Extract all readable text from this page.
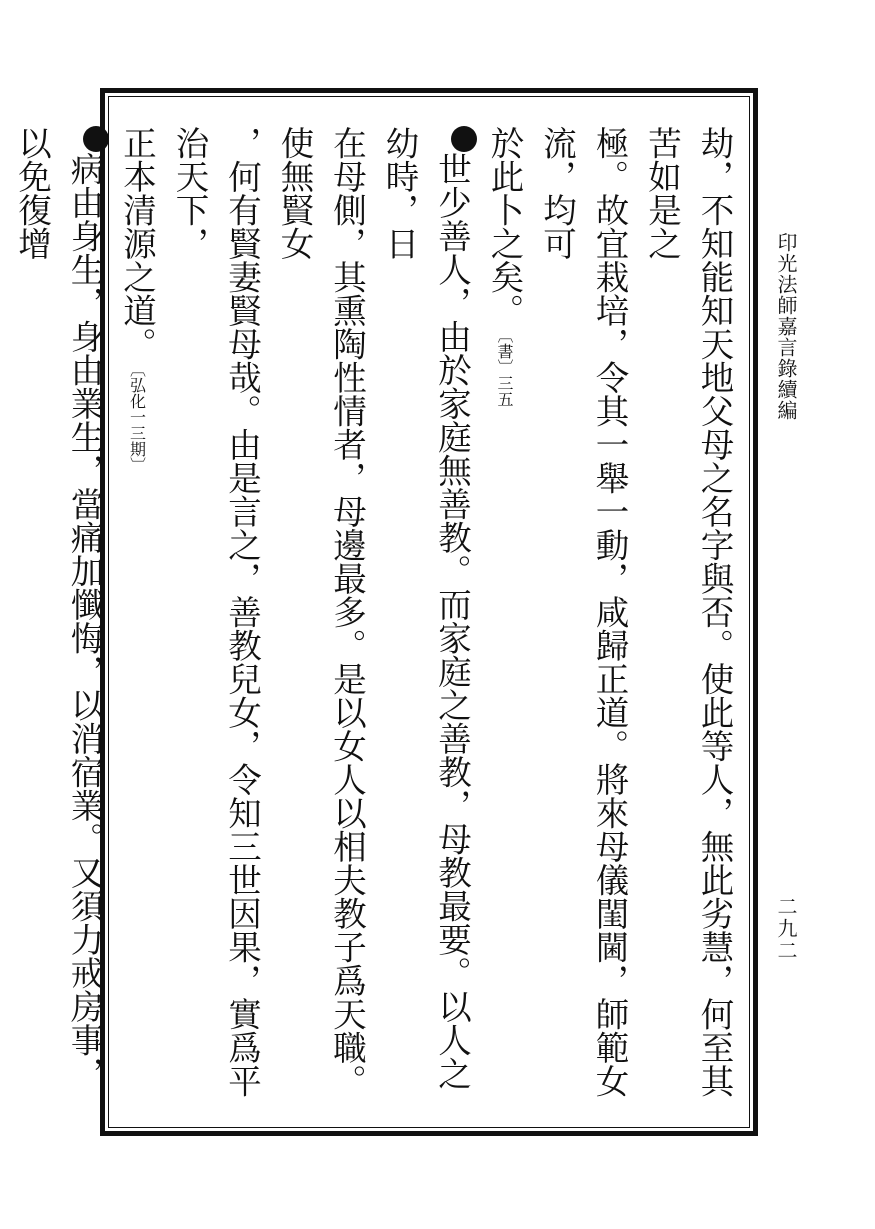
印光法師嘉言錄續編
二九二

劫，不知能知天地父母之名字與否。使此等人，無此劣慧，何至其苦如是之

極。故宜栽培，令其一舉一動，咸歸正道。將來母儀閨閫，師範女流，均可

於此卜之矣。〔書〕三五

世少善人，由於家庭無善教。而家庭之善教，母教最要。以人之幼時，日

在母側，其熏陶性情者，母邊最多。是以女人以相夫教子爲天職。使無賢女

，何有賢妻賢母哉。由是言之，善教兒女，令知三世因果，實爲平治天下，

正本清源之道。〔弘化一三期〕

病由身生，身由業生，當痛加懺悔，以消宿業。又須力戒房事，以免復增
